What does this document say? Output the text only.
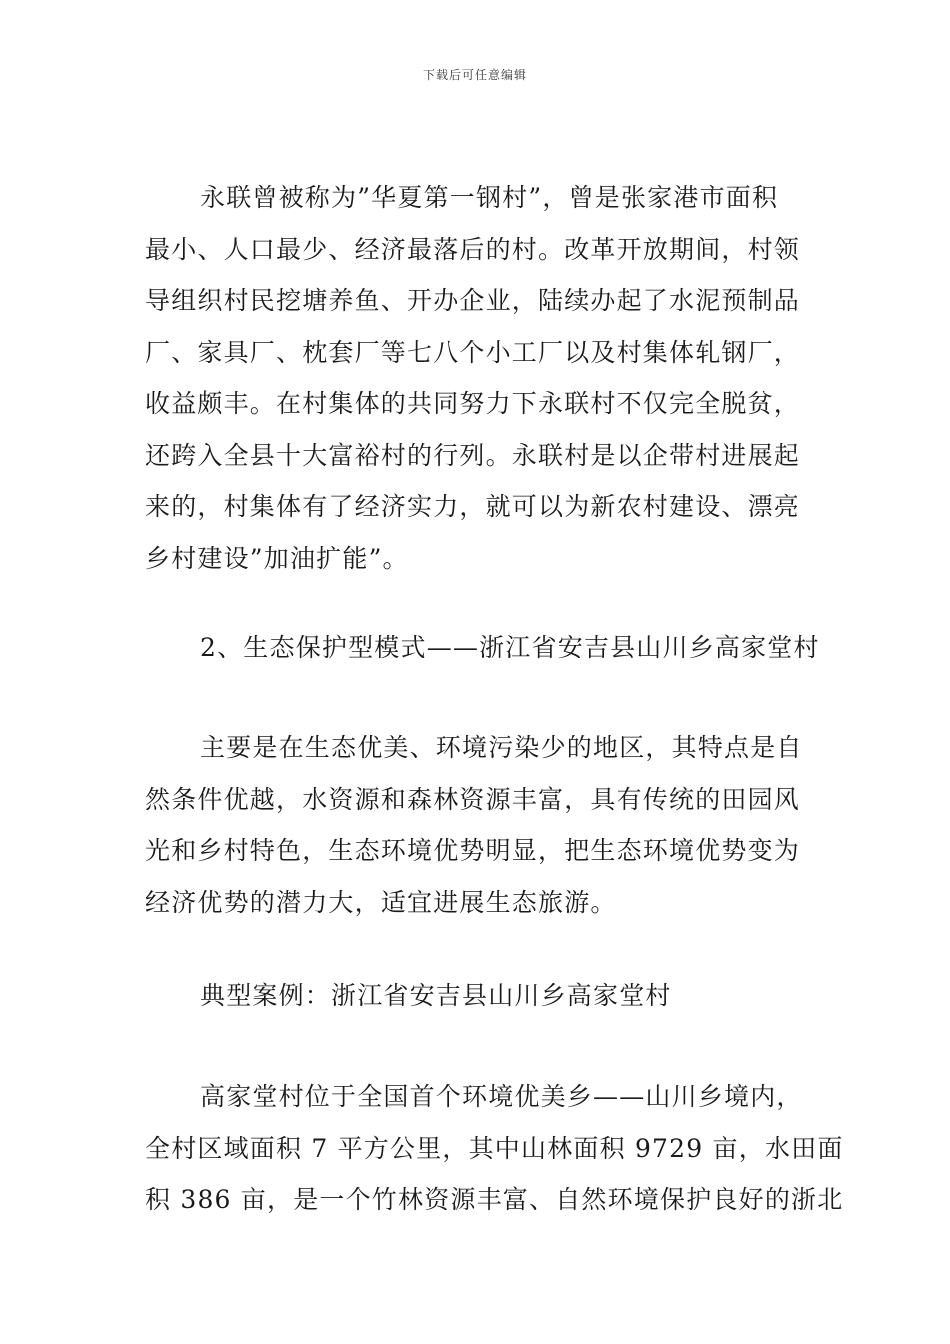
下载后可任意编辑
永联曾被称为”华夏第一钢村”，曾是张家港市面积
最小、人口最少、经济最落后的村。改革开放期间，村领
导组织村民挖塘养鱼、开办企业，陆续办起了水泥预制品
厂、家具厂、枕套厂等七八个小工厂以及村集体轧钢厂，
收益颇丰。在村集体的共同努力下永联村不仅完全脱贫，
还跨入全县十大富裕村的行列。永联村是以企带村进展起
来的，村集体有了经济实力，就可以为新农村建设、漂亮
乡村建设”加油扩能”。
2、生态保护型模式——浙江省安吉县山川乡高家堂村
主要是在生态优美、环境污染少的地区，其特点是自
然条件优越，水资源和森林资源丰富，具有传统的田园风
光和乡村特色，生态环境优势明显，把生态环境优势变为
经济优势的潜力大，适宜进展生态旅游。
典型案例：浙江省安吉县山川乡高家堂村
高家堂村位于全国首个环境优美乡——山川乡境内，
全村区域面积 7 平方公里，其中山林面积 9729 亩，水田面
积 386 亩，是一个竹林资源丰富、自然环境保护良好的浙北
